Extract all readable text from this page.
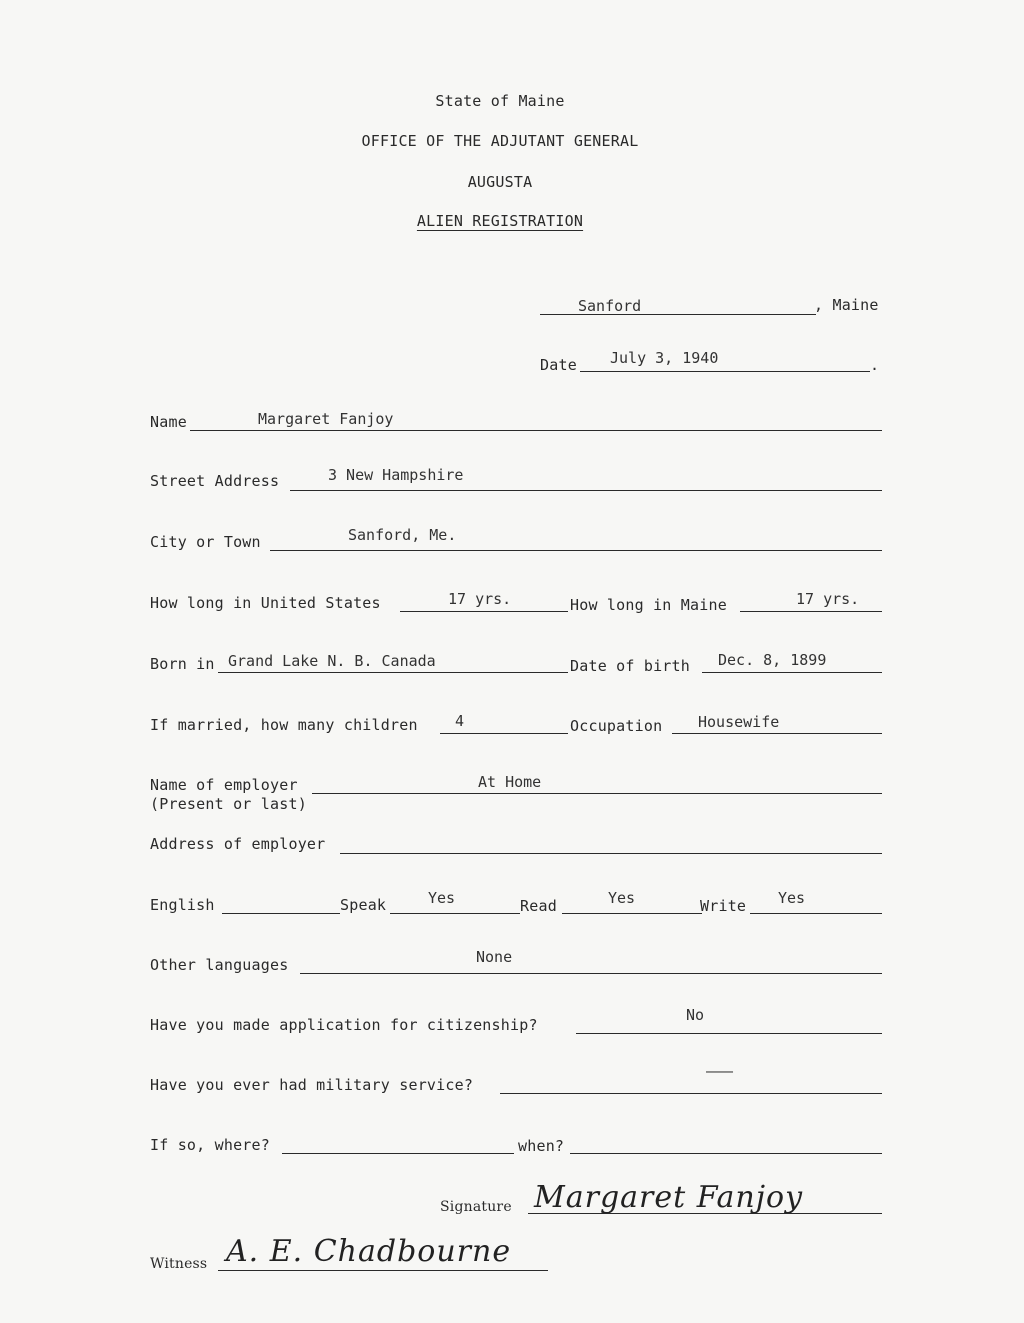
State of Maine
OFFICE OF THE ADJUTANT GENERAL
AUGUSTA
ALIEN REGISTRATION
Sanford	, Maine
Date July 3, 1940	.
Name	Margaret Fanjoy
Street Address	3 New Hampshire
City or Town	Sanford, Me.
How long in United States	17 yrs.	How long in Maine	17 yrs.
Born in Grand Lake N. B. Canada	Date of birth Dec. 8, 1899
If married, how many children 4	Occupation Housewife
Name of employer
(Present or last)
At Home
Address of employer
English	Speak	Yes	Read	Yes	Write Yes
Other languages	None
Have you made application for citizenship?
No
Have you ever had military service?
———
If so, where?	when?
Signature Margaret Fanjoy
Witness A. E. Chadbourne
